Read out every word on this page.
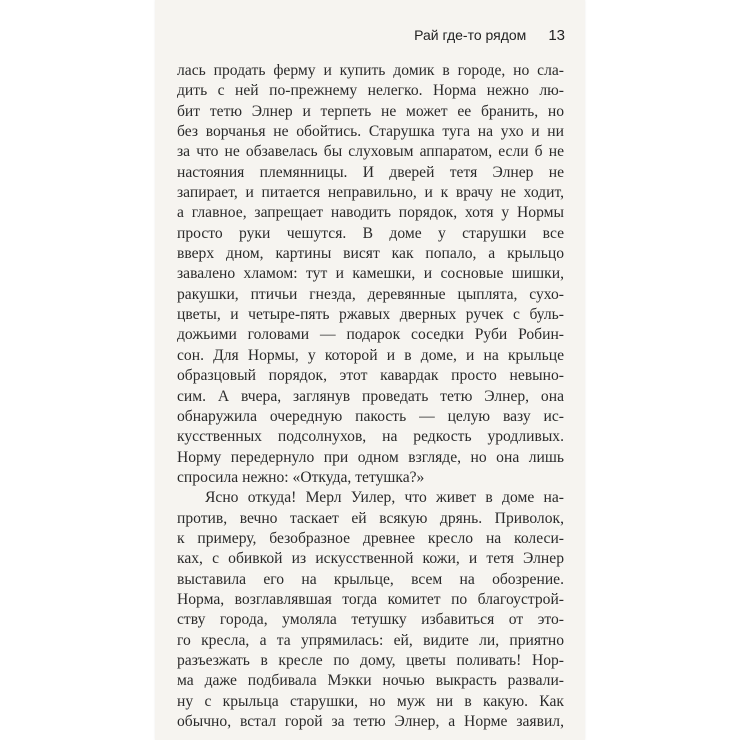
Рай где-то рядом 13
лась продать ферму и купить домик в городе, но сла-
дить с ней по-прежнему нелегко. Норма нежно лю-
бит тетю Элнер и терпеть не может ее бранить, но
без ворчанья не обойтись. Старушка туга на ухо и ни
за что не обзавелась бы слуховым аппаратом, если б не
настояния племянницы. И дверей тетя Элнер не
запирает, и питается неправильно, и к врачу не ходит,
а главное, запрещает наводить порядок, хотя у Нормы
просто руки чешутся. В доме у старушки все
вверх дном, картины висят как попало, а крыльцо
завалено хламом: тут и камешки, и сосновые шишки,
ракушки, птичьи гнезда, деревянные цыплята, сухо-
цветы, и четыре-пять ржавых дверных ручек с буль-
дожьими головами — подарок соседки Руби Робин-
сон. Для Нормы, у которой и в доме, и на крыльце
образцовый порядок, этот кавардак просто невыно-
сим. А вчера, заглянув проведать тетю Элнер, она
обнаружила очередную пакость — целую вазу ис-
кусственных подсолнухов, на редкость уродливых.
Норму передернуло при одном взгляде, но она лишь
спросила нежно: «Откуда, тетушка?»
Ясно откуда! Мерл Уилер, что живет в доме на-
против, вечно таскает ей всякую дрянь. Приволок,
к примеру, безобразное древнее кресло на колеси-
ках, с обивкой из искусственной кожи, и тетя Элнер
выставила его на крыльце, всем на обозрение.
Норма, возглавлявшая тогда комитет по благоустрой-
ству города, умоляла тетушку избавиться от это-
го кресла, а та упрямилась: ей, видите ли, приятно
разъезжать в кресле по дому, цветы поливать! Нор-
ма даже подбивала Мэкки ночью выкрасть развали-
ну с крыльца старушки, но муж ни в какую. Как
обычно, встал горой за тетю Элнер, а Норме заявил,
